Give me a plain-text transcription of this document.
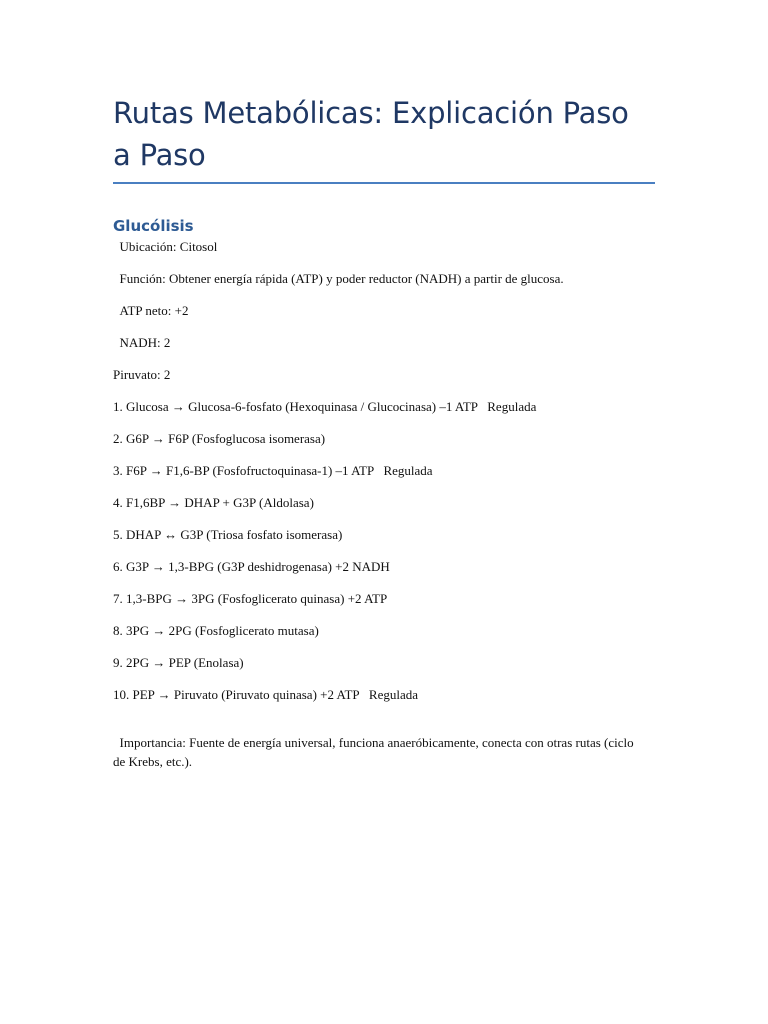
Rutas Metabólicas: Explicación Paso a Paso
Glucólisis

Ubicación: Citosol

Función: Obtener energía rápida (ATP) y poder reductor (NADH) a partir de glucosa.

ATP neto: +2

NADH: 2

Piruvato: 2

1. Glucosa → Glucosa-6-fosfato (Hexoquinasa / Glucocinasa) –1 ATP   Regulada

2. G6P → F6P (Fosfoglucosa isomerasa)

3. F6P → F1,6-BP (Fosfofructoquinasa-1) –1 ATP   Regulada

4. F1,6BP → DHAP + G3P (Aldolasa)

5. DHAP ↔ G3P (Triosa fosfato isomerasa)

6. G3P → 1,3-BPG (G3P deshidrogenasa) +2 NADH

7. 1,3-BPG → 3PG (Fosfoglicerato quinasa) +2 ATP

8. 3PG → 2PG (Fosfoglicerato mutasa)

9. 2PG → PEP (Enolasa)

10. PEP → Piruvato (Piruvato quinasa) +2 ATP   Regulada

Importancia: Fuente de energía universal, funciona anaeróbicamente, conecta con otras rutas (ciclo de Krebs, etc.).
